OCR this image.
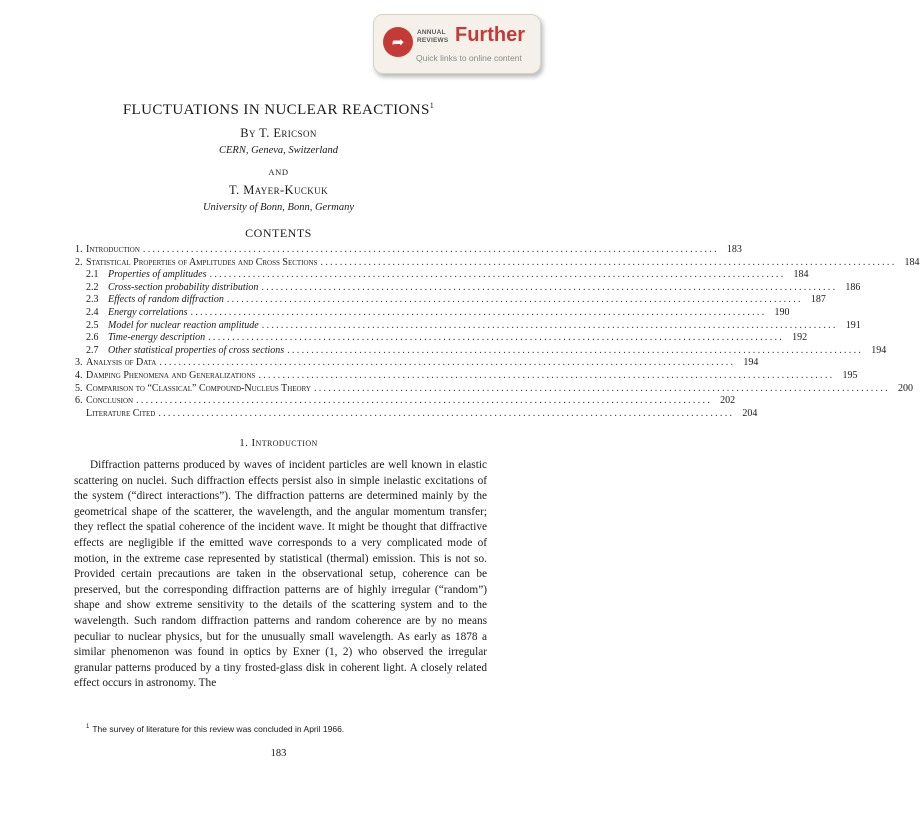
➦
ANNUAL
REVIEWS Further
Quick links to online content
FLUCTUATIONS IN NUCLEAR REACTIONS$^1$
By T. Ericson
CERN, Geneva, Switzerland
AND
T. Mayer-Kuckuk
University of Bonn, Bonn, Germany
CONTENTS
1. Introduction ........................................................................................................................ 183
2. Statistical Properties of Amplitudes and Cross Sections ........................................................................................................................ 184
2.1 Properties of amplitudes ........................................................................................................................ 184
2.2 Cross-section probability distribution ........................................................................................................................ 186
2.3 Effects of random diffraction ........................................................................................................................ 187
2.4 Energy correlations ........................................................................................................................ 190
2.5 Model for nuclear reaction amplitude ........................................................................................................................ 191
2.6 Time-energy description ........................................................................................................................ 192
2.7 Other statistical properties of cross sections ........................................................................................................................ 194
3. Analysis of Data ........................................................................................................................ 194
4. Damping Phenomena and Generalizations ........................................................................................................................ 195
5. Comparison to “Classical” Compound-Nucleus Theory ........................................................................................................................ 200
6. Conclusion ........................................................................................................................ 202
Literature Cited ........................................................................................................................ 204
1. Introduction

Diffraction patterns produced by waves of incident particles are well known in elastic scattering on nuclei. Such diffraction effects persist also in simple inelastic excitations of the system (“direct interactions”). The diffraction patterns are determined mainly by the geometrical shape of the scatterer, the wavelength, and the angular momentum transfer; they reflect the spatial coherence of the incident wave. It might be thought that diffractive effects are negligible if the emitted wave corresponds to a very complicated mode of motion, in the extreme case represented by statistical (thermal) emission. This is not so. Provided certain precautions are taken in the observational setup, coherence can be preserved, but the corresponding diffraction patterns are of highly irregular (“random”) shape and show extreme sensitivity to the details of the scattering system and to the wavelength. Such random diffraction patterns and random coherence are by no means peculiar to nuclear physics, but for the unusually small wavelength. As early as 1878 a similar phenomenon was found in optics by Exner (1, 2) who observed the irregular granular patterns produced by a tiny frosted-glass disk in coherent light. A closely related effect occurs in astronomy. The

$^1$ The survey of literature for this review was concluded in April 1966.
183
